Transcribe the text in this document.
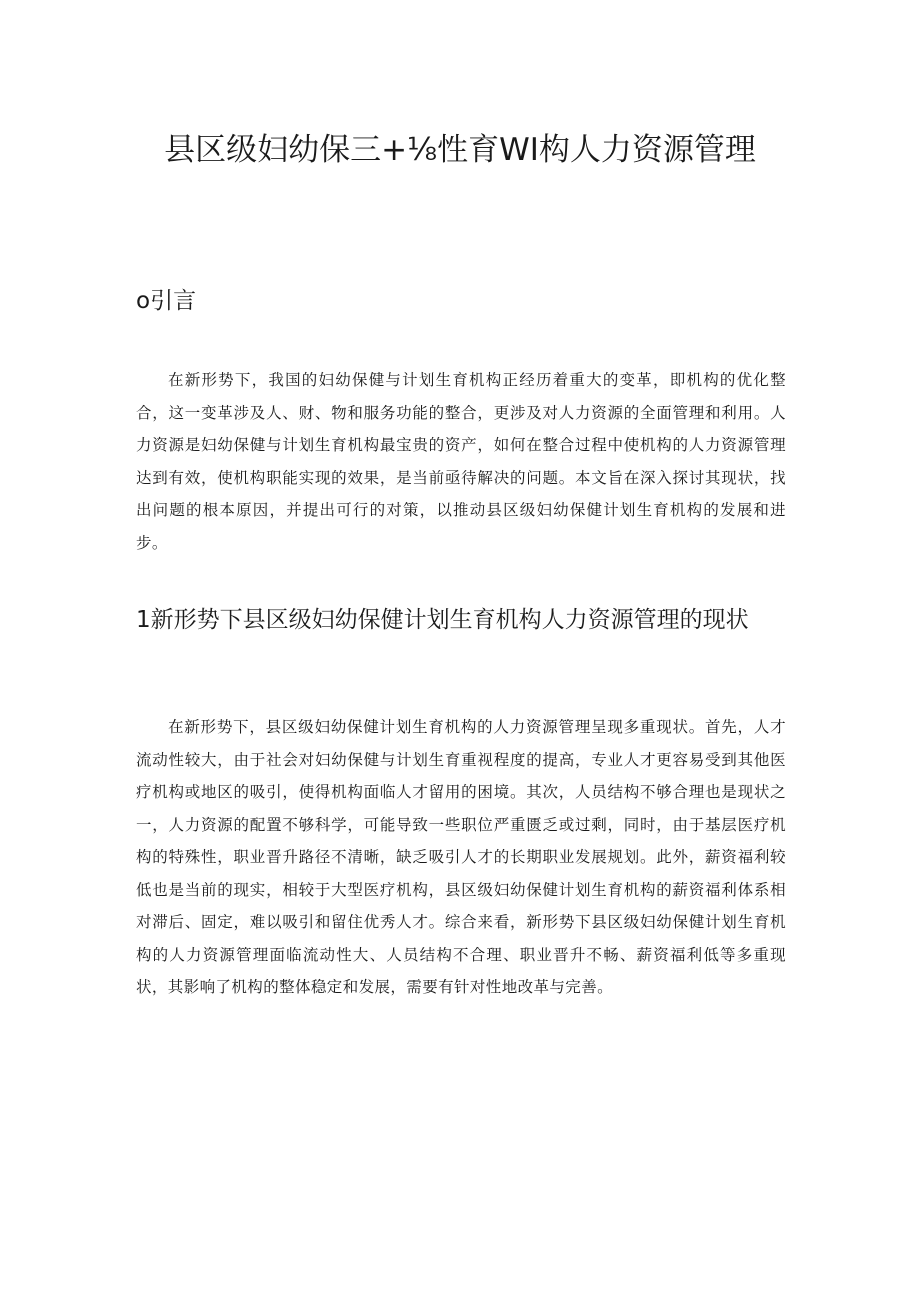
县区级妇幼保三+⅛性育WI构人力资源管理
o引言

在新形势下，我国的妇幼保健与计划生育机构正经历着重大的变革，即机构的优化整合，这一变革涉及人、财、物和服务功能的整合，更涉及对人力资源的全面管理和利用。人力资源是妇幼保健与计划生育机构最宝贵的资产，如何在整合过程中使机构的人力资源管理达到有效，使机构职能实现的效果，是当前亟待解决的问题。本文旨在深入探讨其现状，找出问题的根本原因，并提出可行的对策，以推动县区级妇幼保健计划生育机构的发展和进步。

1新形势下县区级妇幼保健计划生育机构人力资源管理的现状

在新形势下，县区级妇幼保健计划生育机构的人力资源管理呈现多重现状。首先，人才流动性较大，由于社会对妇幼保健与计划生育重视程度的提高，专业人才更容易受到其他医疗机构或地区的吸引，使得机构面临人才留用的困境。其次，人员结构不够合理也是现状之一，人力资源的配置不够科学，可能导致一些职位严重匮乏或过剩，同时，由于基层医疗机构的特殊性，职业晋升路径不清晰，缺乏吸引人才的长期职业发展规划。此外，薪资福利较低也是当前的现实，相较于大型医疗机构，县区级妇幼保健计划生育机构的薪资福利体系相对滞后、固定，难以吸引和留住优秀人才。综合来看，新形势下县区级妇幼保健计划生育机构的人力资源管理面临流动性大、人员结构不合理、职业晋升不畅、薪资福利低等多重现状，其影响了机构的整体稳定和发展，需要有针对性地改革与完善。
